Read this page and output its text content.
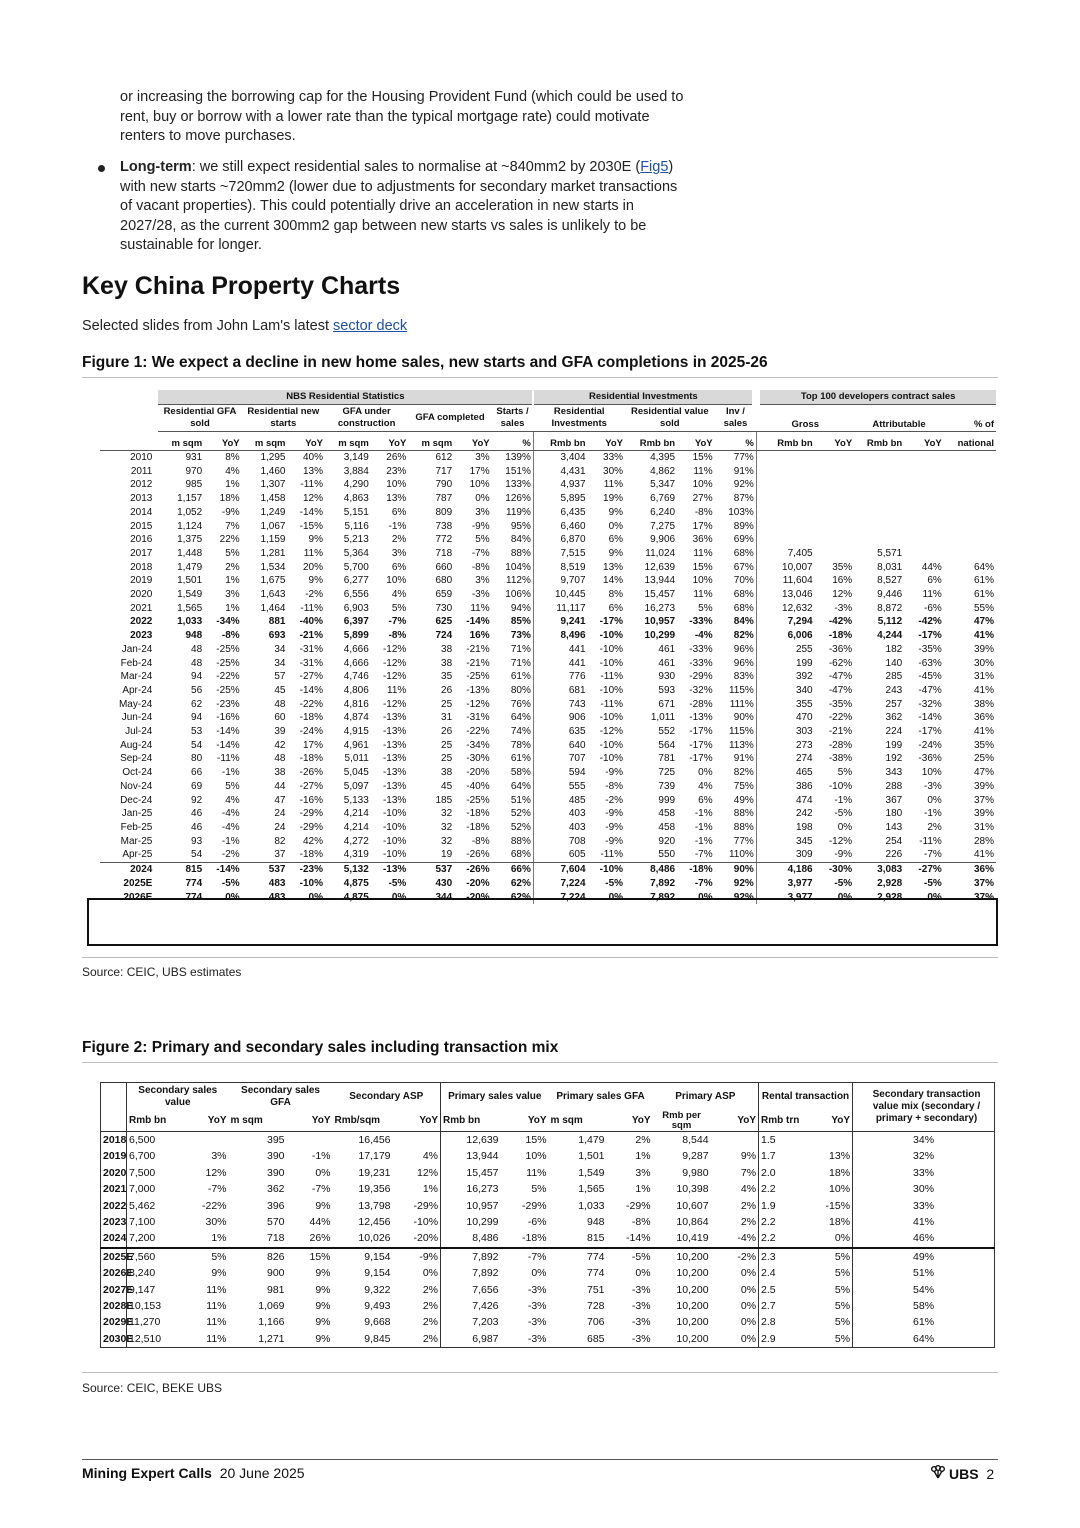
or increasing the borrowing cap for the Housing Provident Fund (which could be used to rent, buy or borrow with a lower rate than the typical mortgage rate) could motivate renters to move purchases.
Long-term: we still expect residential sales to normalise at ~840mm2 by 2030E (Fig5) with new starts ~720mm2 (lower due to adjustments for secondary market transactions of vacant properties). This could potentially drive an acceleration in new starts in 2027/28, as the current 300mm2 gap between new starts vs sales is unlikely to be sustainable for longer.
Key China Property Charts
Selected slides from John Lam's latest sector deck
Figure 1: We expect a decline in new home sales, new starts and GFA completions in 2025-26
	NBS Residential Statistics									Residential Investments					Top 100 developers contract sales				
	Residential GFA sold		Residential new starts		GFA under construction		GFA completed		Starts / sales	Residential Investments		Residential value sold		Inv / sales	Gross		Attributable		% of
	m sqm	YoY	m sqm	YoY	m sqm	YoY	m sqm	YoY	%	Rmb bn	YoY	Rmb bn	YoY	%	Rmb bn	YoY	Rmb bn	YoY	national
2010	931	8%	1,295	40%	3,149	26%	612	3%	139%	3,404	33%	4,395	15%	77%					
2011	970	4%	1,460	13%	3,884	23%	717	17%	151%	4,431	30%	4,862	11%	91%					
2012	985	1%	1,307	-11%	4,290	10%	790	10%	133%	4,937	11%	5,347	10%	92%					
2013	1,157	18%	1,458	12%	4,863	13%	787	0%	126%	5,895	19%	6,769	27%	87%					
2014	1,052	-9%	1,249	-14%	5,151	6%	809	3%	119%	6,435	9%	6,240	-8%	103%					
2015	1,124	7%	1,067	-15%	5,116	-1%	738	-9%	95%	6,460	0%	7,275	17%	89%					
2016	1,375	22%	1,159	9%	5,213	2%	772	5%	84%	6,870	6%	9,906	36%	69%					
2017	1,448	5%	1,281	11%	5,364	3%	718	-7%	88%	7,515	9%	11,024	11%	68%	7,405		5,571		
2018	1,479	2%	1,534	20%	5,700	6%	660	-8%	104%	8,519	13%	12,639	15%	67%	10,007	35%	8,031	44%	64%
2019	1,501	1%	1,675	9%	6,277	10%	680	3%	112%	9,707	14%	13,944	10%	70%	11,604	16%	8,527	6%	61%
2020	1,549	3%	1,643	-2%	6,556	4%	659	-3%	106%	10,445	8%	15,457	11%	68%	13,046	12%	9,446	11%	61%
2021	1,565	1%	1,464	-11%	6,903	5%	730	11%	94%	11,117	6%	16,273	5%	68%	12,632	-3%	8,872	-6%	55%
2022	1,033	-34%	881	-40%	6,397	-7%	625	-14%	85%	9,241	-17%	10,957	-33%	84%	7,294	-42%	5,112	-42%	47%
2023	948	-8%	693	-21%	5,899	-8%	724	16%	73%	8,496	-10%	10,299	-4%	82%	6,006	-18%	4,244	-17%	41%
Jan-24	48	-25%	34	-31%	4,666	-12%	38	-21%	71%	441	-10%	461	-33%	96%	255	-36%	182	-35%	39%
Feb-24	48	-25%	34	-31%	4,666	-12%	38	-21%	71%	441	-10%	461	-33%	96%	199	-62%	140	-63%	30%
Mar-24	94	-22%	57	-27%	4,746	-12%	35	-25%	61%	776	-11%	930	-29%	83%	392	-47%	285	-45%	31%
Apr-24	56	-25%	45	-14%	4,806	11%	26	-13%	80%	681	-10%	593	-32%	115%	340	-47%	243	-47%	41%
May-24	62	-23%	48	-22%	4,816	-12%	25	-12%	76%	743	-11%	671	-28%	111%	355	-35%	257	-32%	38%
Jun-24	94	-16%	60	-18%	4,874	-13%	31	-31%	64%	906	-10%	1,011	-13%	90%	470	-22%	362	-14%	36%
Jul-24	53	-14%	39	-24%	4,915	-13%	26	-22%	74%	635	-12%	552	-17%	115%	303	-21%	224	-17%	41%
Aug-24	54	-14%	42	17%	4,961	-13%	25	-34%	78%	640	-10%	564	-17%	113%	273	-28%	199	-24%	35%
Sep-24	80	-11%	48	-18%	5,011	-13%	25	-30%	61%	707	-10%	781	-17%	91%	274	-38%	192	-36%	25%
Oct-24	66	-1%	38	-26%	5,045	-13%	38	-20%	58%	594	-9%	725	0%	82%	465	5%	343	10%	47%
Nov-24	69	5%	44	-27%	5,097	-13%	45	-40%	64%	555	-8%	739	4%	75%	386	-10%	288	-3%	39%
Dec-24	92	4%	47	-16%	5,133	-13%	185	-25%	51%	485	-2%	999	6%	49%	474	-1%	367	0%	37%
Jan-25	46	-4%	24	-29%	4,214	-10%	32	-18%	52%	403	-9%	458	-1%	88%	242	-5%	180	-1%	39%
Feb-25	46	-4%	24	-29%	4,214	-10%	32	-18%	52%	403	-9%	458	-1%	88%	198	0%	143	2%	31%
Mar-25	93	-1%	82	42%	4,272	-10%	32	-8%	88%	708	-9%	920	-1%	77%	345	-12%	254	-11%	28%
Apr-25	54	-2%	37	-18%	4,319	-10%	19	-26%	68%	605	-11%	550	-7%	110%	309	-9%	226	-7%	41%
2024	815	-14%	537	-23%	5,132	-13%	537	-26%	66%	7,604	-10%	8,486	-18%	90%	4,186	-30%	3,083	-27%	36%
2025E	774	-5%	483	-10%	4,875	-5%	430	-20%	62%	7,224	-5%	7,892	-7%	92%	3,977	-5%	2,928	-5%	37%
2026E	774	0%	483	0%	4,875	0%	344	-20%	62%	7,224	0%	7,892	0%	92%	3,977	0%	2,928	0%	37%
Source: CEIC, UBS estimates
Figure 2: Primary and secondary sales including transaction mix
	Secondary sales value		Secondary sales GFA		Secondary ASP		Primary sales value		Primary sales GFA		Primary ASP		Rental transaction		Secondary transaction value mix (secondary / primary + secondary)
	Rmb bn	YoY	m sqm	YoY	Rmb/sqm	YoY	Rmb bn	YoY	m sqm	YoY	Rmb per sqm	YoY	Rmb trn	YoY	
2018	6,500		395		16,456		12,639	15%	1,479	2%	8,544		1.5		34%
2019	6,700	3%	390	-1%	17,179	4%	13,944	10%	1,501	1%	9,287	9%	1.7	13%	32%
2020	7,500	12%	390	0%	19,231	12%	15,457	11%	1,549	3%	9,980	7%	2.0	18%	33%
2021	7,000	-7%	362	-7%	19,356	1%	16,273	5%	1,565	1%	10,398	4%	2.2	10%	30%
2022	5,462	-22%	396	9%	13,798	-29%	10,957	-29%	1,033	-29%	10,607	2%	1.9	-15%	33%
2023	7,100	30%	570	44%	12,456	-10%	10,299	-6%	948	-8%	10,864	2%	2.2	18%	41%
2024	7,200	1%	718	26%	10,026	-20%	8,486	-18%	815	-14%	10,419	-4%	2.2	0%	46%
2025E	7,560	5%	826	15%	9,154	-9%	7,892	-7%	774	-5%	10,200	-2%	2.3	5%	49%
2026E	8,240	9%	900	9%	9,154	0%	7,892	0%	774	0%	10,200	0%	2.4	5%	51%
2027E	9,147	11%	981	9%	9,322	2%	7,656	-3%	751	-3%	10,200	0%	2.5	5%	54%
2028E	10,153	11%	1,069	9%	9,493	2%	7,426	-3%	728	-3%	10,200	0%	2.7	5%	58%
2029E	11,270	11%	1,166	9%	9,668	2%	7,203	-3%	706	-3%	10,200	0%	2.8	5%	61%
2030E	12,510	11%	1,271	9%	9,845	2%	6,987	-3%	685	-3%	10,200	0%	2.9	5%	64%
Source: CEIC, BEKE UBS
Mining Expert Calls 20 June 2025	UBS 2
